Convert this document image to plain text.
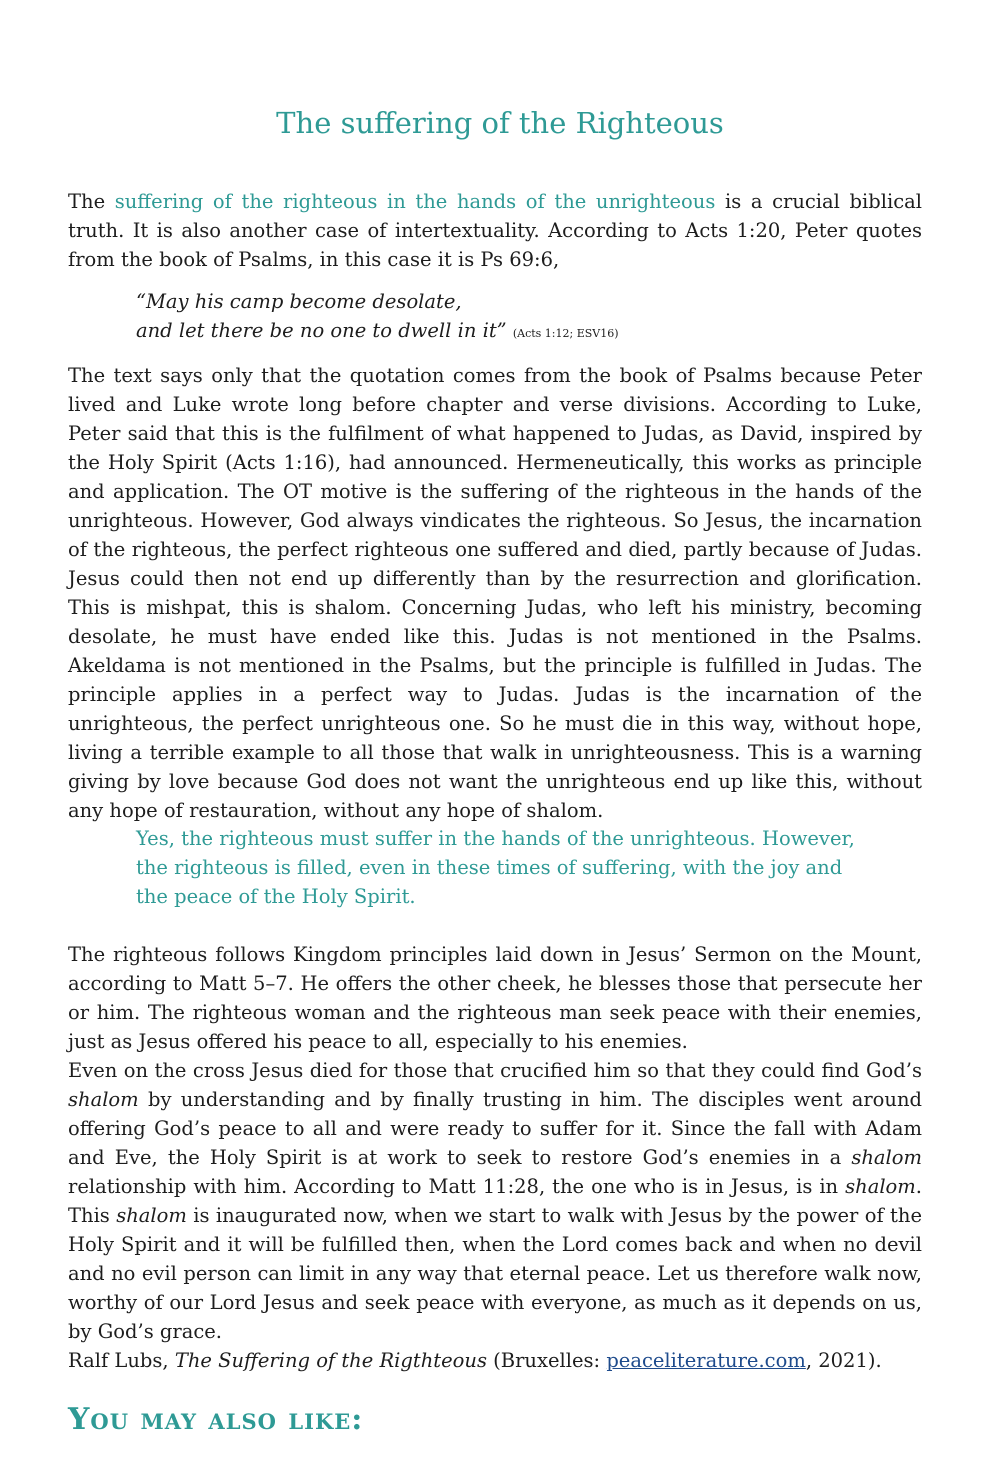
The suffering of the Righteous

The suffering of the righteous in the hands of the unrighteous is a crucial biblical truth. It is also another case of intertextuality. According to Acts 1:20, Peter quotes from the book of Psalms, in this case it is Ps 69:6,

“May his camp become desolate,
and let there be no one to dwell in it” (Acts 1:12; ESV16)

The text says only that the quotation comes from the book of Psalms because Peter lived and Luke wrote long before chapter and verse divisions. According to Luke, Peter said that this is the fulfilment of what happened to Judas, as David, inspired by the Holy Spirit (Acts 1:16), had announced. Hermeneutically, this works as principle and application. The OT motive is the suffering of the righteous in the hands of the unrighteous. However, God always vindicates the righteous. So Jesus, the incarnation of the righteous, the perfect righteous one suffered and died, partly because of Judas. Jesus could then not end up differently than by the resurrection and glorification. This is mishpat, this is shalom. Concerning Judas, who left his ministry, becoming desolate, he must have ended like this. Judas is not mentioned in the Psalms. Akeldama is not mentioned in the Psalms, but the principle is fulfilled in Judas. The principle applies in a perfect way to Judas. Judas is the incarnation of the unrighteous, the perfect unrighteous one. So he must die in this way, without hope, living a terrible example to all those that walk in unrighteousness. This is a warning giving by love because God does not want the unrighteous end up like this, without any hope of restauration, without any hope of shalom.

Yes, the righteous must suffer in the hands of the unrighteous. However, the righteous is filled, even in these times of suffering, with the joy and the peace of the Holy Spirit.

The righteous follows Kingdom principles laid down in Jesus’ Sermon on the Mount, according to Matt 5–7. He offers the other cheek, he blesses those that persecute her or him. The righteous woman and the righteous man seek peace with their enemies, just as Jesus offered his peace to all, especially to his enemies.

Even on the cross Jesus died for those that crucified him so that they could find God’s shalom by understanding and by finally trusting in him. The disciples went around offering God’s peace to all and were ready to suffer for it. Since the fall with Adam and Eve, the Holy Spirit is at work to seek to restore God’s enemies in a shalom relationship with him. According to Matt 11:28, the one who is in Jesus, is in shalom. This shalom is inaugurated now, when we start to walk with Jesus by the power of the Holy Spirit and it will be fulfilled then, when the Lord comes back and when no devil and no evil person can limit in any way that eternal peace. Let us therefore walk now, worthy of our Lord Jesus and seek peace with everyone, as much as it depends on us, by God’s grace.

Ralf Lubs, The Suffering of the Rigthteous (Bruxelles: peaceliterature.com, 2021).

You may also like:
